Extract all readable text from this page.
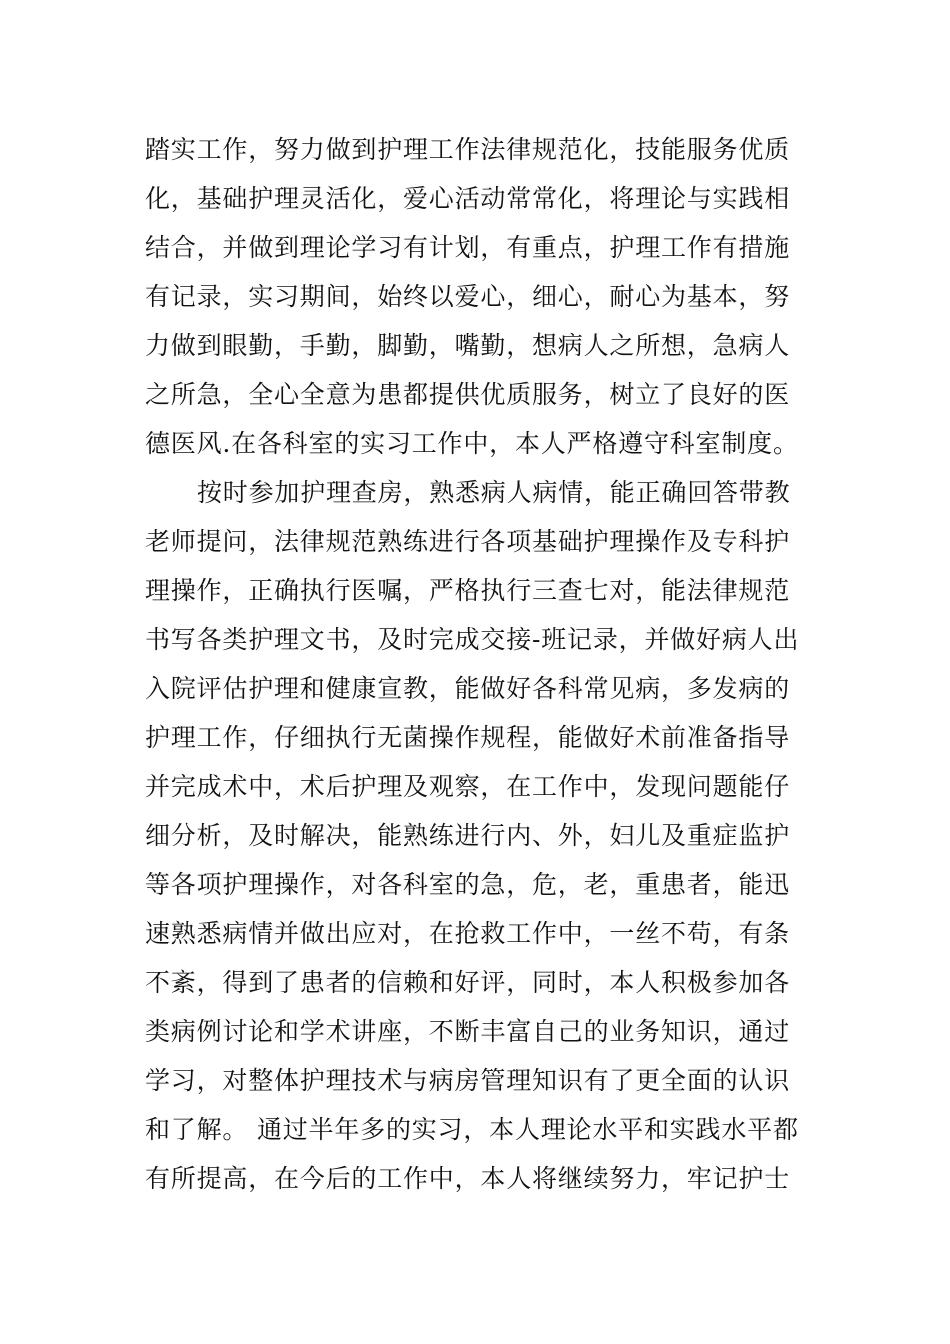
踏实工作，努力做到护理工作法律规范化，技能服务优质
化，基础护理灵活化，爱心活动常常化，将理论与实践相
结合，并做到理论学习有计划，有重点，护理工作有措施
有记录，实习期间，始终以爱心，细心，耐心为基本，努
力做到眼勤，手勤，脚勤，嘴勤，想病人之所想，急病人
之所急，全心全意为患都提供优质服务，树立了良好的医
德医风.在各科室的实习工作中，本人严格遵守科室制度。
按时参加护理查房，熟悉病人病情，能正确回答带教
老师提问，法律规范熟练进行各项基础护理操作及专科护
理操作，正确执行医嘱，严格执行三查七对，能法律规范
书写各类护理文书，及时完成交接-班记录，并做好病人出
入院评估护理和健康宣教，能做好各科常见病，多发病的
护理工作，仔细执行无菌操作规程，能做好术前准备指导
并完成术中，术后护理及观察，在工作中，发现问题能仔
细分析，及时解决，能熟练进行内、外，妇儿及重症监护
等各项护理操作，对各科室的急，危，老，重患者，能迅
速熟悉病情并做出应对，在抢救工作中，一丝不苟，有条
不紊，得到了患者的信赖和好评，同时，本人积极参加各
类病例讨论和学术讲座，不断丰富自己的业务知识，通过
学习，对整体护理技术与病房管理知识有了更全面的认识
和了解。 通过半年多的实习，本人理论水平和实践水平都
有所提高，在今后的工作中，本人将继续努力，牢记护士
